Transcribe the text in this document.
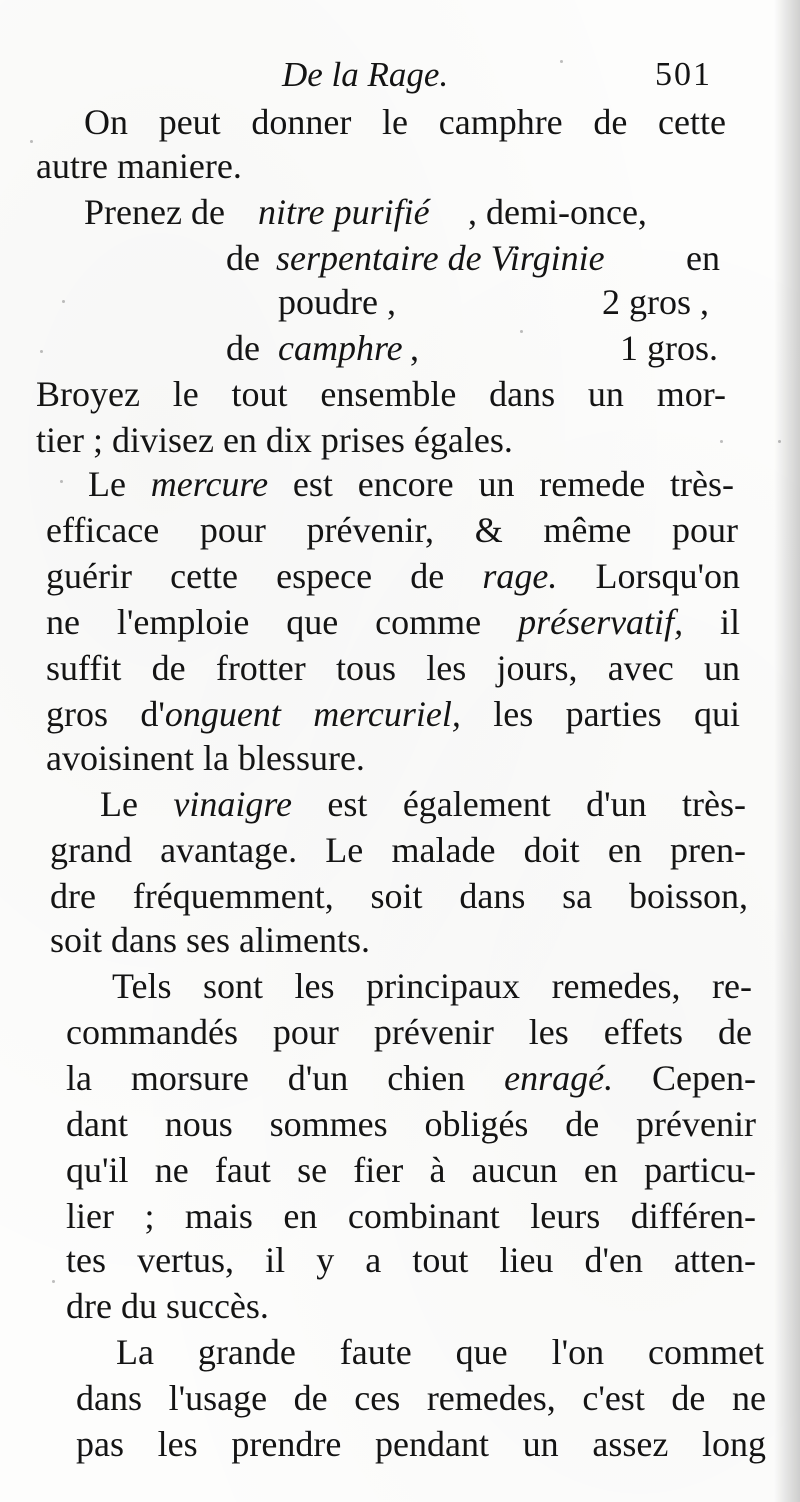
De la Rage.	501
On peut donner le camphre de cette
autre maniere.
Prenez de nitre purifié , demi-once,
de serpentaire de Virginie en
poudre ,	2 gros ,
de camphre ,	1 gros.
Broyez le tout ensemble dans un mor-
tier ; divisez en dix prises égales.
Le mercure est encore un remede très-
efficace pour prévenir, & même pour
guérir cette espece de rage. Lorsqu'on
ne l'emploie que comme préservatif, il
suffit de frotter tous les jours, avec un
gros d'onguent mercuriel, les parties qui
avoisinent la blessure.
Le vinaigre est également d'un très-
grand avantage. Le malade doit en pren-
dre fréquemment, soit dans sa boisson,
soit dans ses aliments.
Tels sont les principaux remedes, re-
commandés pour prévenir les effets de
la morsure d'un chien enragé. Cepen-
dant nous sommes obligés de prévenir
qu'il ne faut se fier à aucun en particu-
lier ; mais en combinant leurs différen-
tes vertus, il y a tout lieu d'en atten-
dre du succès.
La grande faute que l'on commet
dans l'usage de ces remedes, c'est de ne
pas les prendre pendant un assez long
